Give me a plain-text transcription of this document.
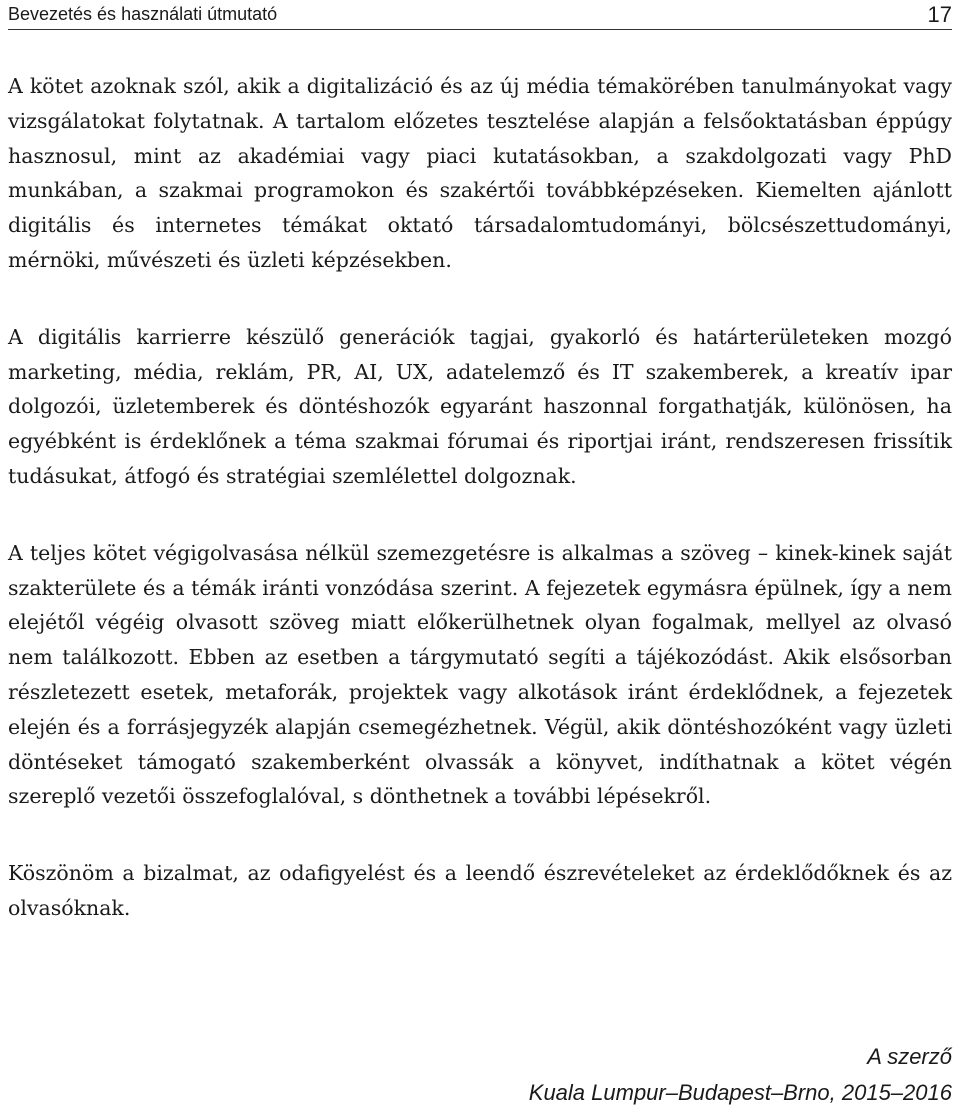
Bevezetés és használati útmutató	17

A kötet azoknak szól, akik a digitalizáció és az új média témakörében tanulmányokat vagy vizsgálatokat folytatnak. A tartalom előzetes tesztelése alapján a felsőoktatásban éppúgy hasznosul, mint az akadémiai vagy piaci kutatásokban, a szakdolgozati vagy PhD munkában, a szakmai programokon és szakértői továbbképzéseken. Kiemelten ajánlott digitális és internetes témákat oktató társadalomtudományi, bölcsészettudományi, mérnöki, művészeti és üzleti képzésekben.

A digitális karrierre készülő generációk tagjai, gyakorló és határterületeken mozgó marketing, média, reklám, PR, AI, UX, adatelemző és IT szakemberek, a kreatív ipar dolgozói, üzletemberek és döntéshozók egyaránt haszonnal forgathatják, különösen, ha egyébként is érdeklőnek a téma szakmai fórumai és riportjai iránt, rendszeresen frissítik tudásukat, átfogó és stratégiai szemlélettel dolgoznak.

A teljes kötet végigolvasása nélkül szemezgetésre is alkalmas a szöveg – kinek-kinek saját szakterülete és a témák iránti vonzódása szerint. A fejezetek egymásra épülnek, így a nem elejétől végéig olvasott szöveg miatt előkerülhetnek olyan fogalmak, mellyel az olvasó nem találkozott. Ebben az esetben a tárgymutató segíti a tájékozódást. Akik elsősorban részletezett esetek, metaforák, projektek vagy alkotások iránt érdeklődnek, a fejezetek elején és a forrásjegyzék alapján csemegézhetnek. Végül, akik döntéshozóként vagy üzleti döntéseket támogató szakemberként olvassák a könyvet, indíthatnak a kötet végén szereplő vezetői összefoglalóval, s dönthetnek a további lépésekről.

Köszönöm a bizalmat, az odafigyelést és a leendő észrevételeket az érdeklődőknek és az olvasóknak.

A szerző
Kuala Lumpur–Budapest–Brno, 2015–2016
